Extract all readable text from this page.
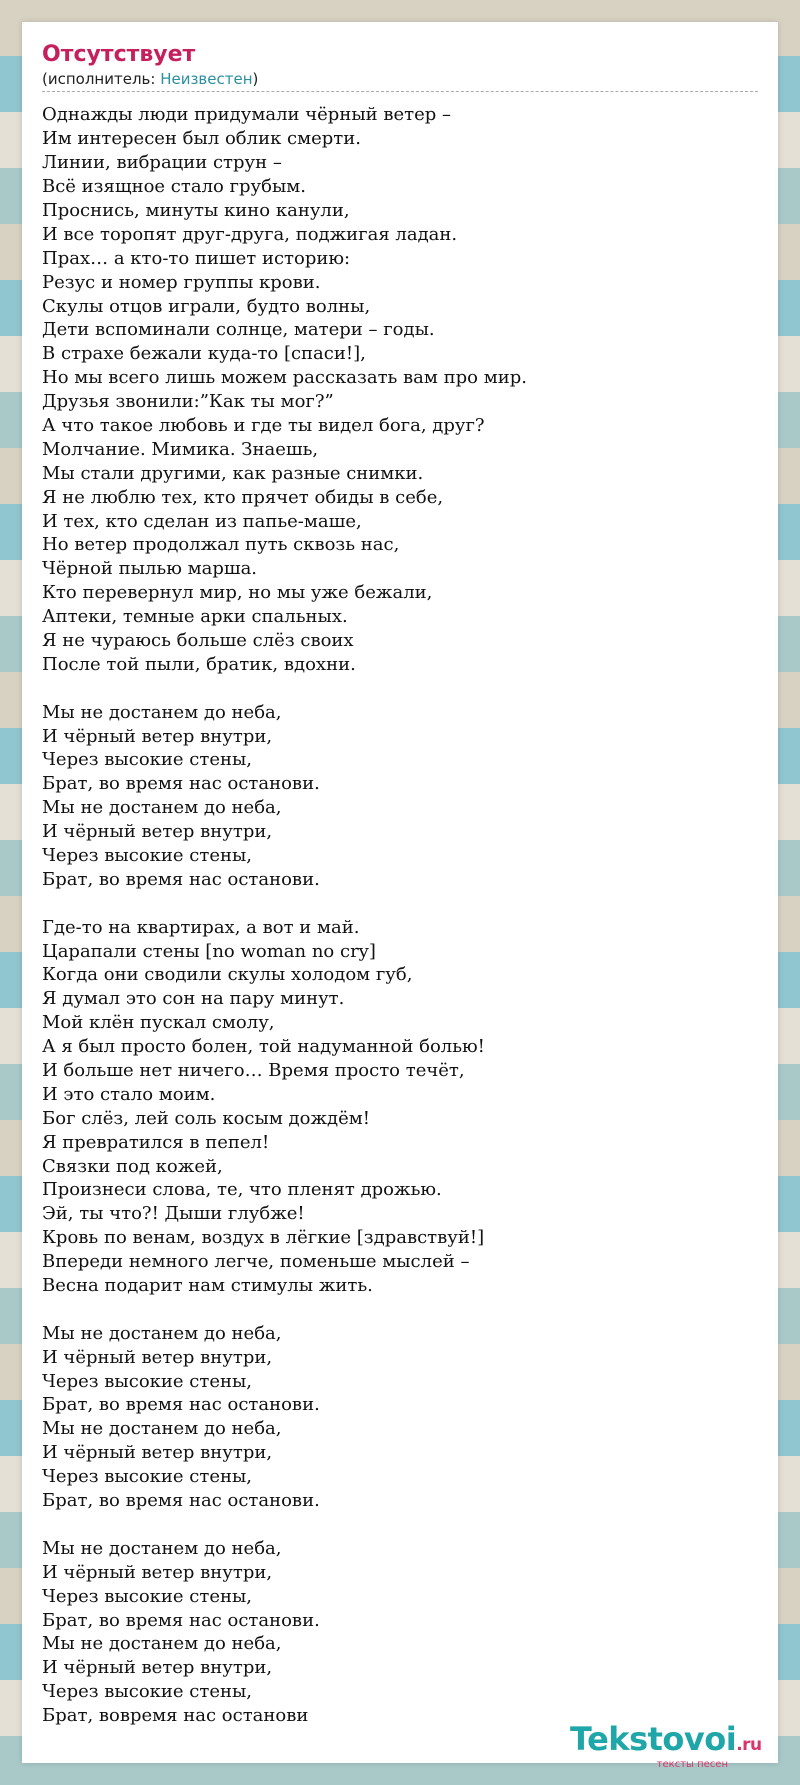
Отсутствует
(исполнитель: Неизвестен)
Однажды люди придумали чёрный ветер –
Им интересен был облик смерти.
Линии, вибрации струн –
Всё изящное стало грубым.
Проснись, минуты кино канули,
И все торопят друг-друга, поджигая ладан.
Прах… а кто-то пишет историю:
Резус и номер группы крови.
Скулы отцов играли, будто волны,
Дети вспоминали солнце, матери – годы.
В страхе бежали куда-то [спаси!],
Но мы всего лишь можем рассказать вам про мир.
Друзья звонили:”Как ты мог?”
А что такое любовь и где ты видел бога, друг?
Молчание. Мимика. Знаешь,
Мы стали другими, как разные снимки.
Я не люблю тех, кто прячет обиды в себе,
И тех, кто сделан из папье-маше,
Но ветер продолжал путь сквозь нас,
Чёрной пылью марша.
Кто перевернул мир, но мы уже бежали,
Аптеки, темные арки спальных.
Я не чураюсь больше слёз своих
После той пыли, братик, вдохни.
Мы не достанем до неба,
И чёрный ветер внутри,
Через высокие стены,
Брат, во время нас останови.
Мы не достанем до неба,
И чёрный ветер внутри,
Через высокие стены,
Брат, во время нас останови.
Где-то на квартирах, а вот и май.
Царапали стены [no woman no cry]
Когда они сводили скулы холодом губ,
Я думал это сон на пару минут.
Мой клён пускал смолу,
А я был просто болен, той надуманной болью!
И больше нет ничего… Время просто течёт,
И это стало моим.
Бог слёз, лей соль косым дождём!
Я превратился в пепел!
Связки под кожей,
Произнеси слова, те, что пленят дрожью.
Эй, ты что?! Дыши глубже!
Кровь по венам, воздух в лёгкие [здравствуй!]
Впереди немного легче, поменьше мыслей –
Весна подарит нам стимулы жить.
Мы не достанем до неба,
И чёрный ветер внутри,
Через высокие стены,
Брат, во время нас останови.
Мы не достанем до неба,
И чёрный ветер внутри,
Через высокие стены,
Брат, во время нас останови.
Мы не достанем до неба,
И чёрный ветер внутри,
Через высокие стены,
Брат, во время нас останови.
Мы не достанем до неба,
И чёрный ветер внутри,
Через высокие стены,
Брат, вовремя нас останови
Tekstovoi.ru
тексты песен
